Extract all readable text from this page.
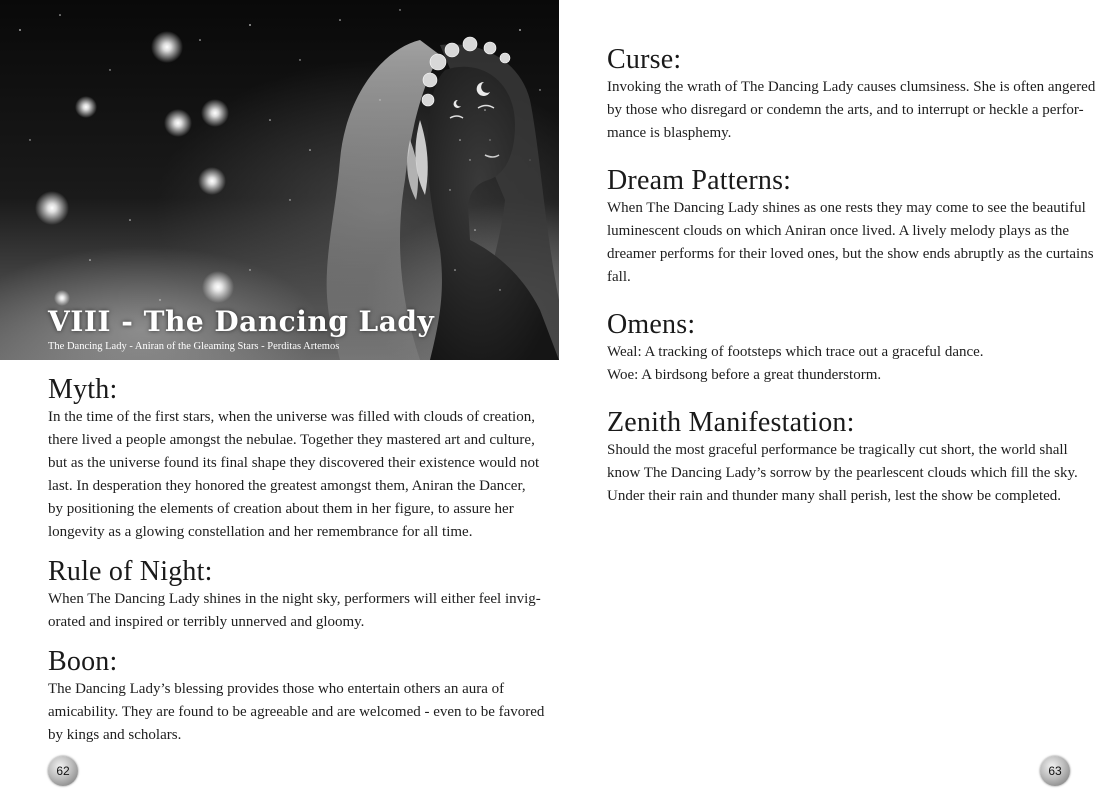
VIII - The Dancing Lady
The Dancing Lady - Aniran of the Gleaming Stars - Perditas Artemos
Myth:

In the time of the first stars, when the universe was filled with clouds of creation,
there lived a people amongst the nebulae. Together they mastered art and culture,
but as the universe found its final shape they discovered their existence would not
last. In desperation they honored the greatest amongst them, Aniran the Dancer,
by positioning the elements of creation about them in her figure, to assure her
longevity as a glowing constellation and her remembrance for all time.

Rule of Night:

When The Dancing Lady shines in the night sky, performers will either feel invig-
orated and inspired or terribly unnerved and gloomy.

Boon:

The Dancing Lady’s blessing provides those who entertain others an aura of
amicability. They are found to be agreeable and are welcomed - even to be favored
by kings and scholars.

Curse:

Invoking the wrath of The Dancing Lady causes clumsiness. She is often angered
by those who disregard or condemn the arts, and to interrupt or heckle a perfor-
mance is blasphemy.

Dream Patterns:

When The Dancing Lady shines as one rests they may come to see the beautiful
luminescent clouds on which Aniran once lived. A lively melody plays as the
dreamer performs for their loved ones, but the show ends abruptly as the curtains
fall.

Omens:

Weal: A tracking of footsteps which trace out a graceful dance.
Woe: A birdsong before a great thunderstorm.

Zenith Manifestation:

Should the most graceful performance be tragically cut short, the world shall
know The Dancing Lady’s sorrow by the pearlescent clouds which fill the sky.
Under their rain and thunder many shall perish, lest the show be completed.

62	63
